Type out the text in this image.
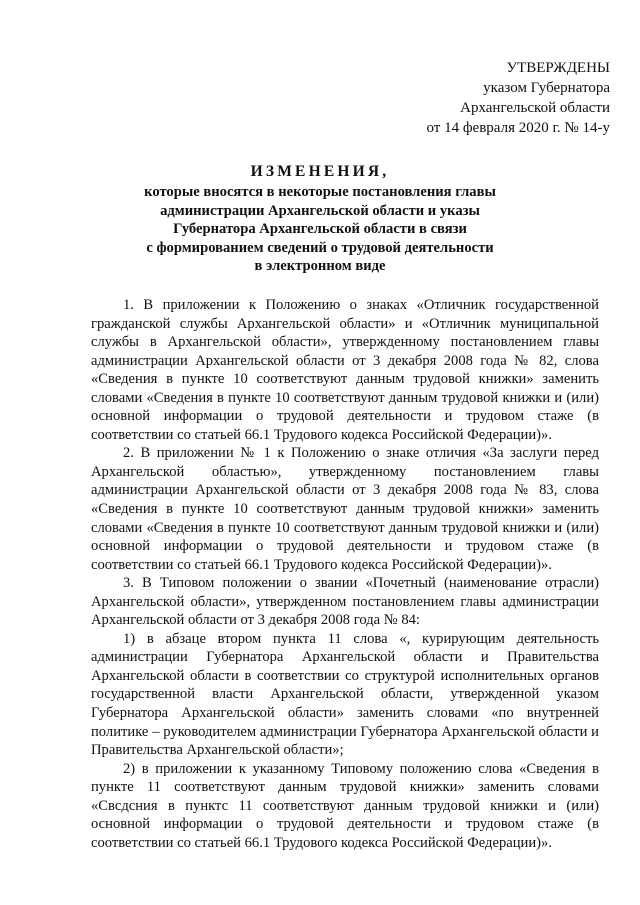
УТВЕРЖДЕНЫ
указом Губернатора
Архангельской области
от 14 февраля 2020 г. № 14-у
ИЗМЕНЕНИЯ,
которые вносятся в некоторые постановления главы
администрации Архангельской области и указы
Губернатора Архангельской области в связи
с формированием сведений о трудовой деятельности
в электронном виде

1. В приложении к Положению о знаках «Отличник государственной гражданской службы Архангельской области» и «Отличник муниципальной службы в Архангельской области», утвержденному постановлением главы администрации Архангельской области от 3 декабря 2008 года № 82, слова «Сведения в пункте 10 соответствуют данным трудовой книжки» заменить словами «Сведения в пункте 10 соответствуют данным трудовой книжки и (или) основной информации о трудовой деятельности и трудовом стаже (в соответствии со статьей 66.1 Трудового кодекса Российской Федерации)».

2. В приложении № 1 к Положению о знаке отличия «За заслуги перед Архангельской областью», утвержденному постановлением главы администрации Архангельской области от 3 декабря 2008 года № 83, слова «Сведения в пункте 10 соответствуют данным трудовой книжки» заменить словами «Сведения в пункте 10 соответствуют данным трудовой книжки и (или) основной информации о трудовой деятельности и трудовом стаже (в соответствии со статьей 66.1 Трудового кодекса Российской Федерации)».

3. В Типовом положении о звании «Почетный (наименование отрасли) Архангельской области», утвержденном постановлением главы администрации Архангельской области от 3 декабря 2008 года № 84:

1) в абзаце втором пункта 11 слова «, курирующим деятельность администрации Губернатора Архангельской области и Правительства Архангельской области в соответствии со структурой исполнительных органов государственной власти Архангельской области, утвержденной указом Губернатора Архангельской области» заменить словами «по внутренней политике – руководителем администрации Губернатора Архангельской области и Правительства Архангельской области»;

2) в приложении к указанному Типовому положению слова «Сведения в пункте 11 соответствуют данным трудовой книжки» заменить словами «Свсдсния в пунктс 11 соответствуют данным трудовой книжки и (или) основной информации о трудовой деятельности и трудовом стаже (в соответствии со статьей 66.1 Трудового кодекса Российской Федерации)».
